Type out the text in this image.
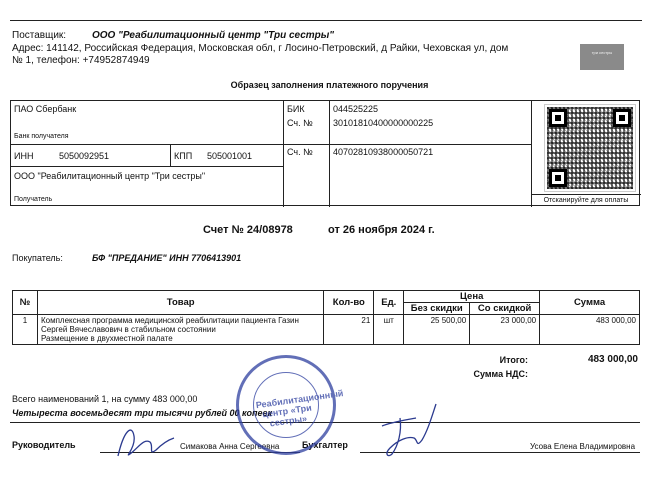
Поставщик:	ООО "Реабилитационный центр "Три сестры"
Адрес: 141142, Российская Федерация, Московская обл, г Лосино-Петровский, д Райки, Чеховская ул, дом
№ 1, телефон: +74952874949
три сестры
Образец заполнения платежного поручения
ПАО Сбербанк
Банк получателя
БИК	044525225
Сч. № 30101810400000000225
ИНН	5050092951	КПП 505001001	Сч. № 40702810938000050721
ООО "Реабилитационный центр "Три сестры"
Получатель	Отсканируйте для оплаты
Счет № 24/08978	от 26 ноября 2024 г.
Покупатель:	БФ "ПРЕДАНИЕ" ИНН 7706413901
№	Товар	Кол-во	Ед.	Цена		Сумма
				Без скидки	Со скидкой	
1	Комплексная программа медицинской реабилитации пациента Газин
Сергей Вячеславович в стабильном состоянии
Размещение в двухместной палате	21	шт	25 500,00	23 000,00	483 000,00
Итого:	483 000,00
Сумма НДС:
Всего наименований 1, на сумму 483 000,00
Четыреста восемьдесят три тысячи рублей 00 копеек
Руководитель	Симакова Анна Сергеевна	Бухгалтер	Усова Елена Владимировна
Реабилитационный центр «Три сестры»
